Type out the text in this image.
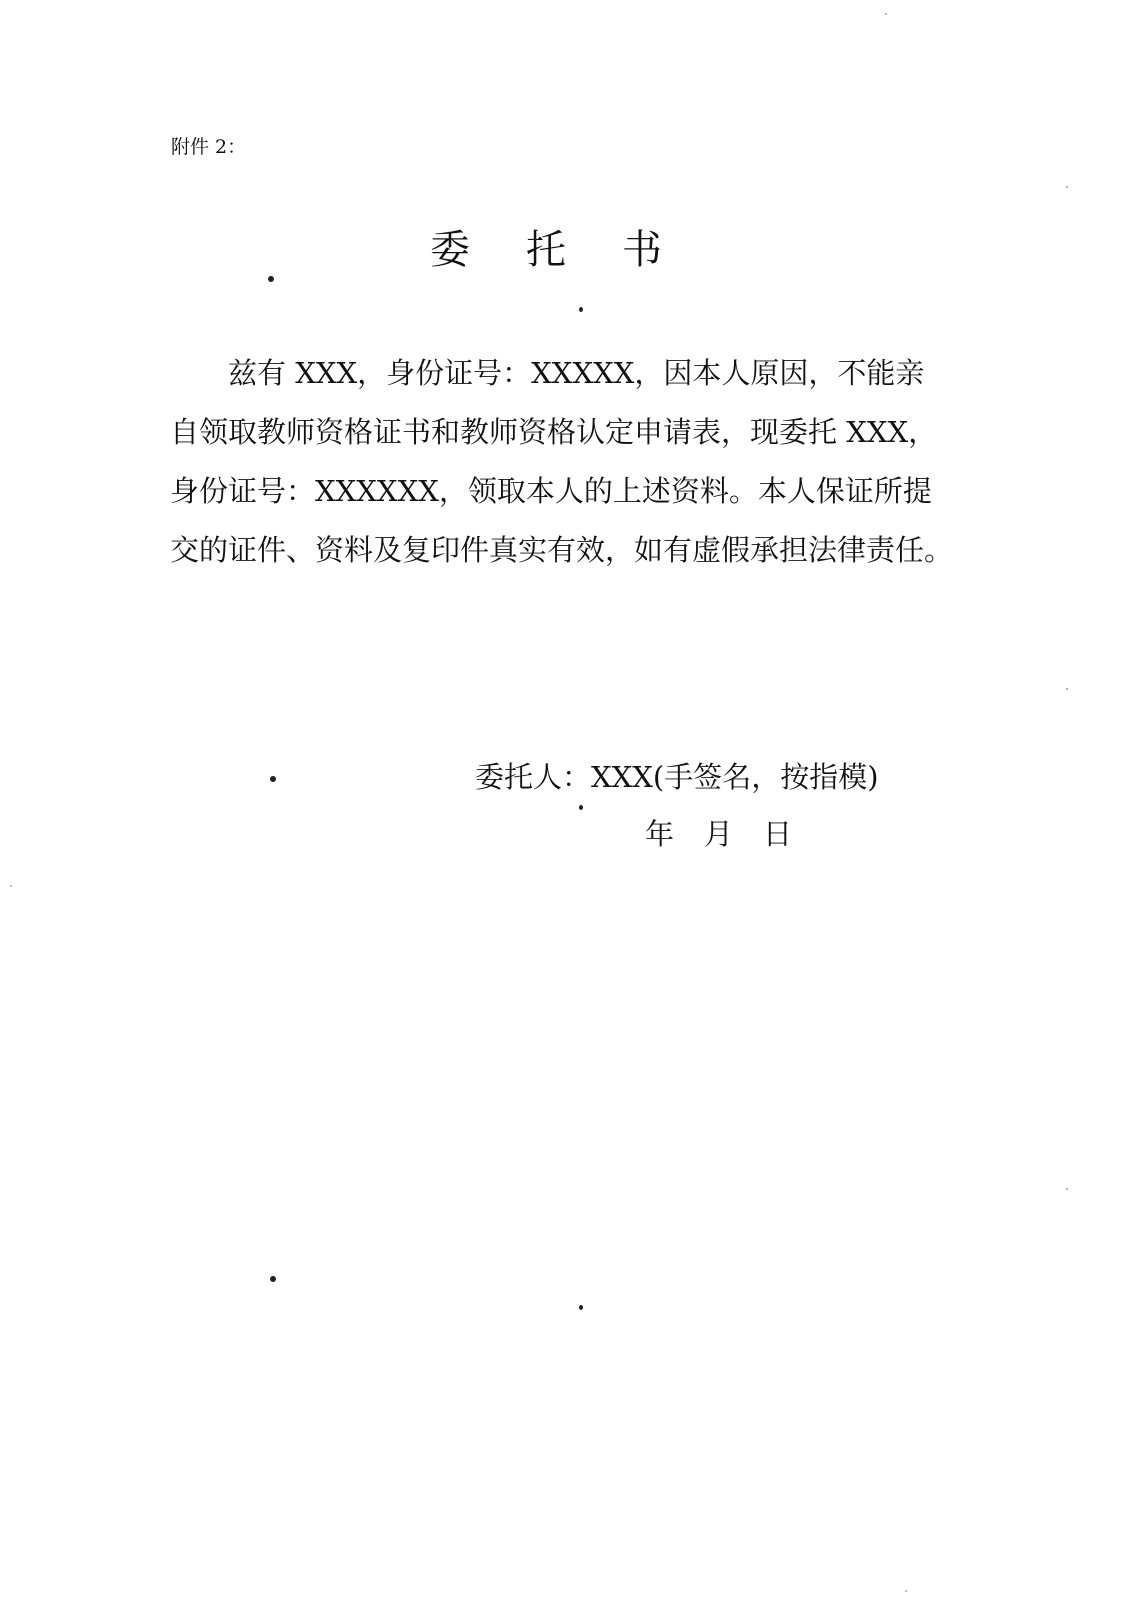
附件 2：
委托书
兹有 XXX，身份证号：XXXXX，因本人原因，不能亲
自领取教师资格证书和教师资格认定申请表，现委托 XXX，
身份证号：XXXXXX，领取本人的上述资料。本人保证所提
交的证件、资料及复印件真实有效，如有虚假承担法律责任。
委托人：XXX(手签名，按指模)
年 月 日
